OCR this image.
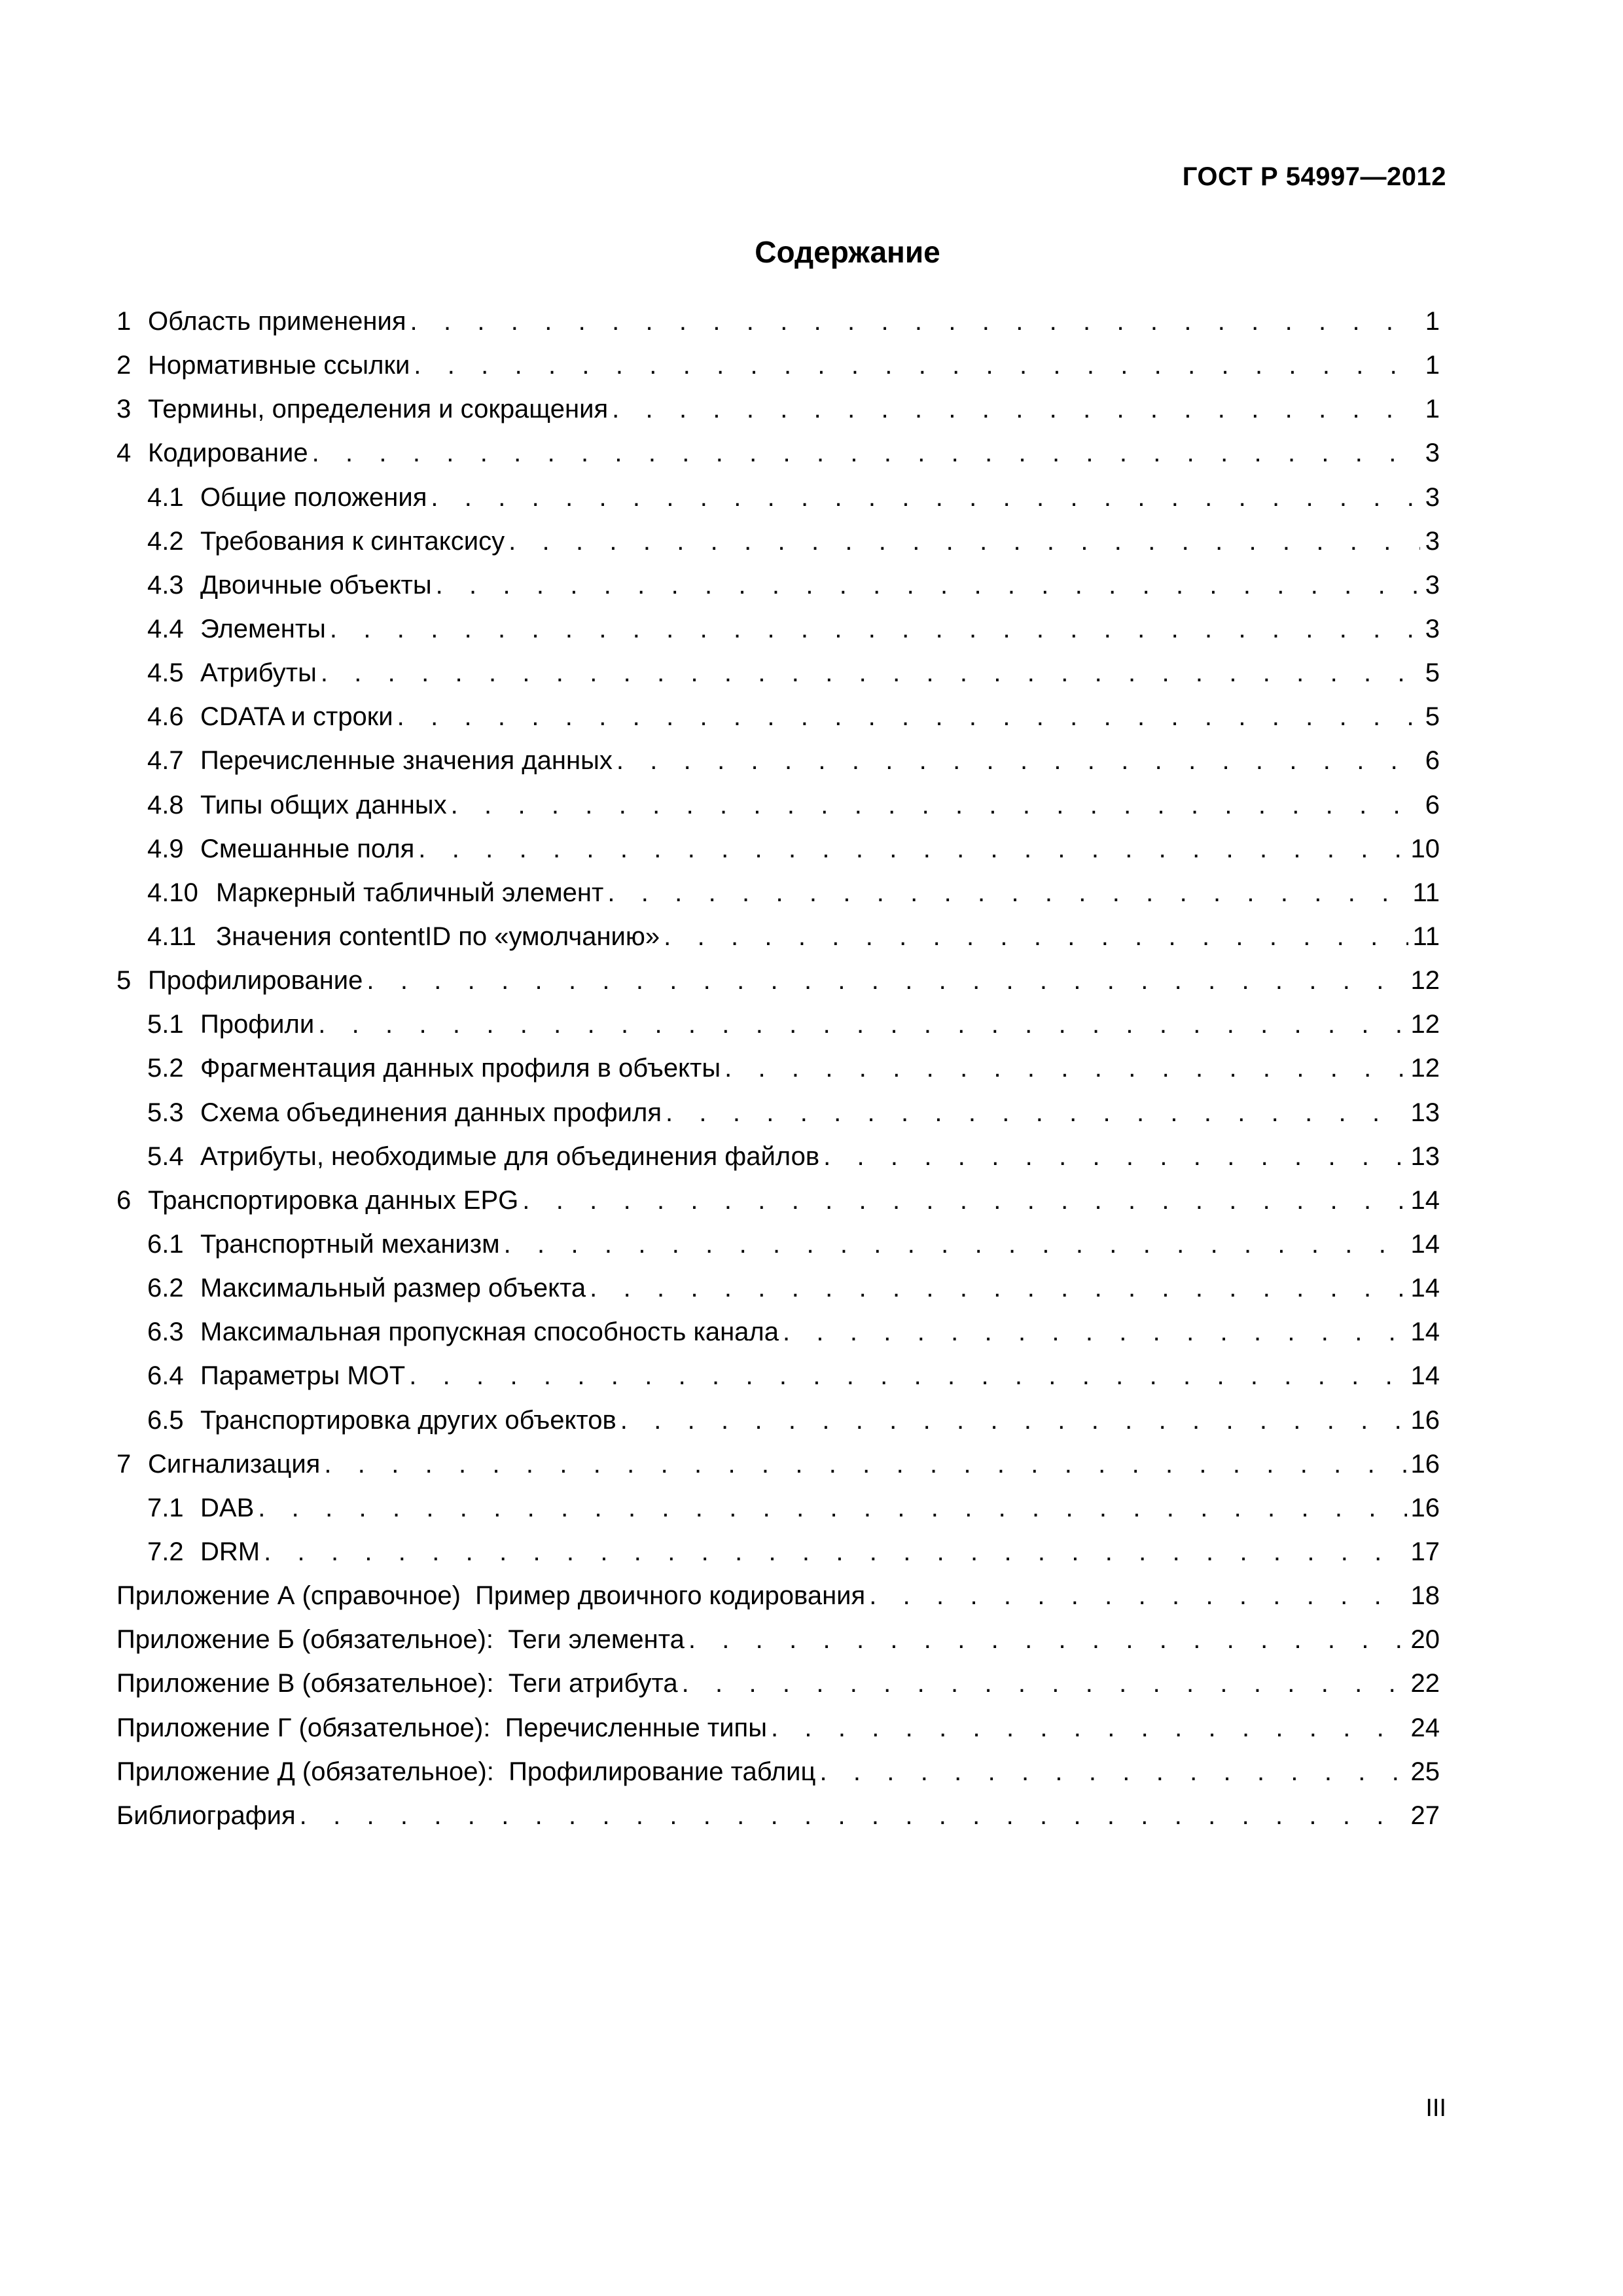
ГОСТ Р 54997—2012
Содержание
1 Область применения . . .	1
2 Нормативные ссылки . . .	1
3 Термины, определения и сокращения . . .	1
4 Кодирование . . .	3
4.1 Общие положения . . .	3
4.2 Требования к синтаксису . . .	3
4.3 Двоичные объекты . . .	3
4.4 Элементы . . .	3
4.5 Атрибуты . . .	5
4.6 CDATA и строки . . .	5
4.7 Перечисленные значения данных . . .	6
4.8 Типы общих данных . . .	6
4.9 Смешанные поля . . .	10
4.10 Маркерный табличный элемент . . .	11
4.11 Значения contentID по «умолчанию» . . .	11
5 Профилирование . . .	12
5.1 Профили . . .	12
5.2 Фрагментация данных профиля в объекты . . .	12
5.3 Схема объединения данных профиля . . .	13
5.4 Атрибуты, необходимые для объединения файлов . . .	13
6 Транспортировка данных EPG . . .	14
6.1 Транспортный механизм . . .	14
6.2 Максимальный размер объекта . . .	14
6.3 Максимальная пропускная способность канала . . .	14
6.4 Параметры МОТ . . .	14
6.5 Транспортировка других объектов . . .	16
7 Сигнализация . . .	16
7.1 DAB . . .	16
7.2 DRM . . .	17
Приложение А (справочное)  Пример двоичного кодирования . . .	18
Приложение Б (обязательное):  Теги элемента . . .	20
Приложение В (обязательное):  Теги атрибута . . .	22
Приложение Г (обязательное):  Перечисленные типы . . .	24
Приложение Д (обязательное):  Профилирование таблиц . . .	25
Библиография . . .	27
III
